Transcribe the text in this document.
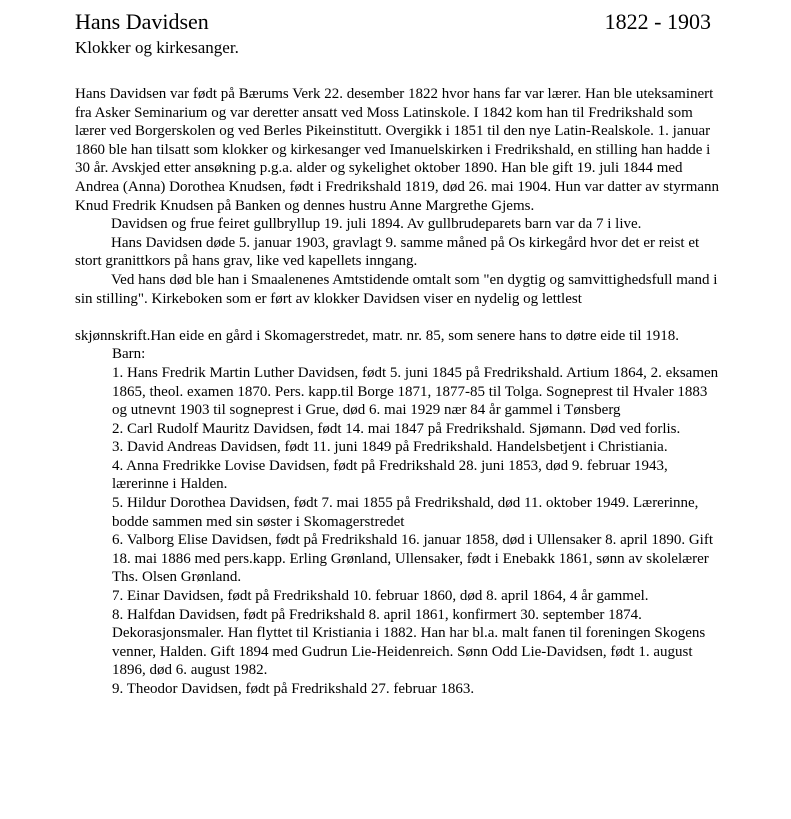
Hans Davidsen	1822 - 1903
Klokker og kirkesanger.

Hans Davidsen var født på Bærums Verk 22. desember 1822 hvor hans far var lærer. Han ble uteksaminert fra Asker Seminarium og var deretter ansatt ved Moss Latinskole. I 1842 kom han til Fredrikshald som lærer ved Borgerskolen og ved Berles Pikeinstitutt. Overgikk i 1851 til den nye Latin-Realskole. 1. januar 1860 ble han tilsatt som klokker og kirkesanger ved Imanuelskirken i Fredrikshald, en stilling han hadde i 30 år. Avskjed etter ansøkning p.g.a. alder og sykelighet oktober 1890. Han ble gift 19. juli 1844 med Andrea (Anna) Dorothea Knudsen, født i Fredrikshald 1819, død 26. mai 1904. Hun var datter av styrmann Knud Fredrik Knudsen på Banken og dennes hustru Anne Margrethe Gjems.

Davidsen og frue feiret gullbryllup 19. juli 1894. Av gullbrudeparets barn var da 7 i live.

Hans Davidsen døde 5. januar 1903, gravlagt 9. samme måned på Os kirkegård hvor det er reist et stort granittkors på hans grav, like ved kapellets inngang.

Ved hans død ble han i Smaalenenes Amtstidende omtalt som "en dygtig og samvittighedsfull mand i sin stilling". Kirkeboken som er ført av klokker Davidsen viser en nydelig og lettlest

skjønnskrift.Han eide en gård i Skomagerstredet, matr. nr. 85, som senere hans to døtre eide til 1918.

Barn:

1. Hans Fredrik Martin Luther Davidsen, født 5. juni 1845 på Fredrikshald. Artium 1864, 2. eksamen 1865, theol. examen 1870. Pers. kapp.til Borge 1871, 1877-85 til Tolga. Sogneprest til Hvaler 1883 og utnevnt 1903 til sogneprest i Grue, død 6. mai 1929 nær 84 år gammel i Tønsberg

2. Carl Rudolf Mauritz Davidsen, født 14. mai 1847 på Fredrikshald. Sjømann. Død ved forlis.

3. David Andreas Davidsen, født 11. juni 1849 på Fredrikshald. Handelsbetjent i Christiania.

4. Anna Fredrikke Lovise Davidsen, født på Fredrikshald 28. juni 1853, død 9. februar 1943, lærerinne i Halden.

5. Hildur Dorothea Davidsen, født 7. mai 1855 på Fredrikshald, død 11. oktober 1949. Lærerinne, bodde sammen med sin søster i Skomagerstredet

6. Valborg Elise Davidsen, født på Fredrikshald 16. januar 1858, død i Ullensaker 8. april 1890. Gift 18. mai 1886 med pers.kapp. Erling Grønland, Ullensaker, født i Enebakk 1861, sønn av skolelærer Ths. Olsen Grønland.

7. Einar Davidsen, født på Fredrikshald 10. februar 1860, død 8. april 1864, 4 år gammel.

8. Halfdan Davidsen, født på Fredrikshald 8. april 1861, konfirmert 30. september 1874. Dekorasjonsmaler. Han flyttet til Kristiania i 1882. Han har bl.a. malt fanen til foreningen Skogens venner, Halden. Gift 1894 med Gudrun Lie-Heidenreich. Sønn Odd Lie-Davidsen, født 1. august 1896, død 6. august 1982.

9. Theodor Davidsen, født på Fredrikshald 27. februar 1863.
